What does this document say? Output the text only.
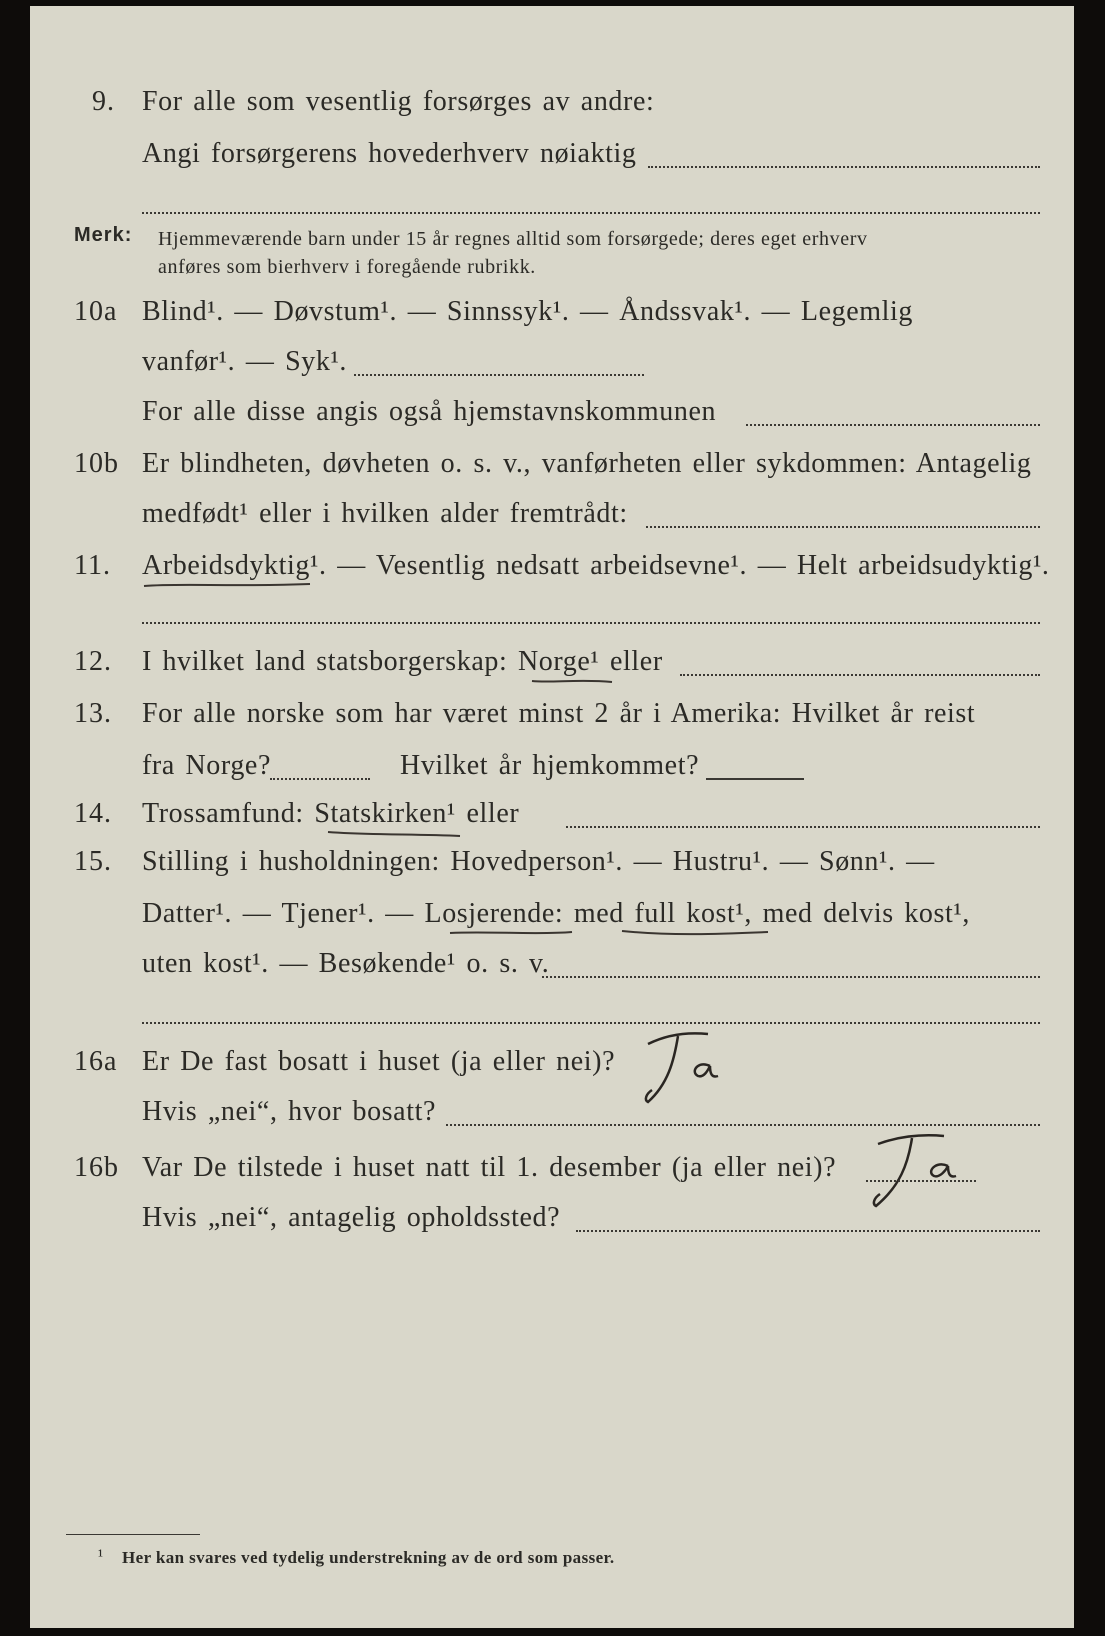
9. For alle som vesentlig forsørges av andre:
Angi forsørgerens hovederhverv nøiaktig
Merk: Hjemmeværende barn under 15 år regnes alltid som forsørgede; deres eget erhverv
anføres som bierhverv i foregående rubrikk.
10a Blind¹. — Døvstum¹. — Sinnssyk¹. — Åndssvak¹. — Legemlig
vanfør¹. — Syk¹.
For alle disse angis også hjemstavnskommunen
10b Er blindheten, døvheten o. s. v., vanførheten eller sykdommen: Antagelig
medfødt¹ eller i hvilken alder fremtrådt:
11. Arbeidsdyktig¹. — Vesentlig nedsatt arbeidsevne¹. — Helt arbeidsudyktig¹.
12. I hvilket land statsborgerskap: Norge¹ eller
13. For alle norske som har været minst 2 år i Amerika: Hvilket år reist
fra Norge?	Hvilket år hjemkommet?
14. Trossamfund: Statskirken¹ eller
15. Stilling i husholdningen: Hovedperson¹. — Hustru¹. — Sønn¹. —
Datter¹. — Tjener¹. — Losjerende: med full kost¹, med delvis kost¹,
uten kost¹. — Besøkende¹ o. s. v.
16a Er De fast bosatt i huset (ja eller nei)?
Hvis „nei“, hvor bosatt?
16b Var De tilstede i huset natt til 1. desember (ja eller nei)?
Hvis „nei“, antagelig opholdssted?
¹ Her kan svares ved tydelig understrekning av de ord som passer.
